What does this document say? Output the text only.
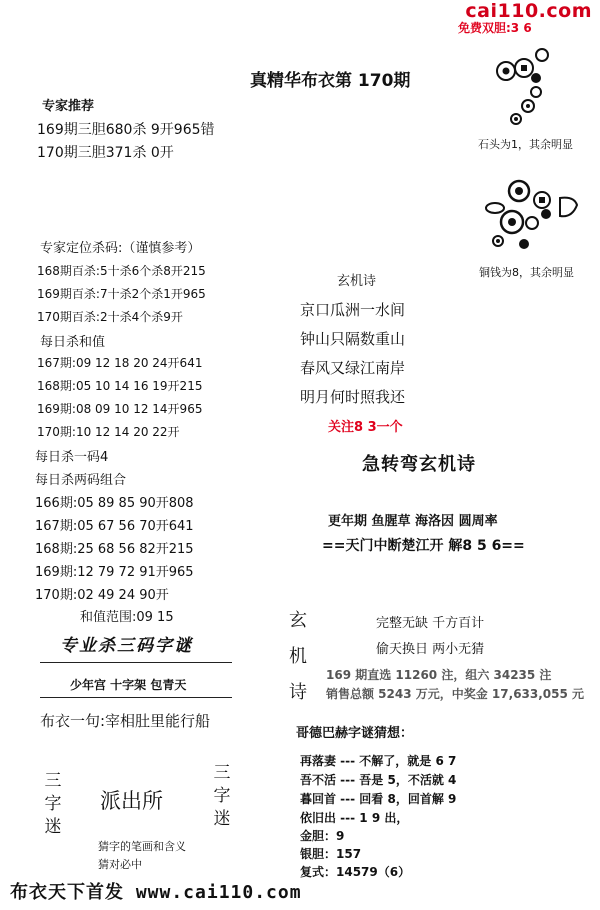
cai110.com
免费双胆:3 6
真精华布衣第 170期
石头为1，其余明显
铜钱为8，其余明显
专家推荐
169期三胆680杀 9开965错
170期三胆371杀 0开
专家定位杀码:（谨慎参考）
168期百杀:5十杀6个杀8开215
169期百杀:7十杀2个杀1开965
170期百杀:2十杀4个杀9开
每日杀和值
167期:09 12 18 20 24开641
168期:05 10 14 16 19开215
169期:08 09 10 12 14开965
170期:10 12 14 20 22开
每日杀一码4
每日杀两码组合
166期:05 89 85 90开808
167期:05 67 56 70开641
168期:25 68 56 82开215
169期:12 79 72 91开965
170期:02 49 24 90开
和值范围:09 15
专业杀三码字谜
少年宫 十字架 包青天
布衣一句:宰相肚里能行船
三字迷
派出所
三字迷
猜字的笔画和含义
猜对必中
玄机诗
京口瓜洲一水间
钟山只隔数重山
春风又绿江南岸
明月何时照我还
关注8 3一个
急转弯玄机诗
更年期 鱼腥草 海洛因 圆周率
==天门中断楚江开 解8 5 6==
玄机诗
完整无缺 千方百计
偷天换日 两小无猜
169 期直选 11260 注，组六 34235 注
销售总额 5243 万元，中奖金 17,633,055 元
哥德巴赫字谜猜想：
再落妻 --- 不解了，就是 6 7
吾不活 --- 吾是 5，不活就 4
暮回首 --- 回看 8，回首解 9
依旧出 --- 1 9 出，
金胆：9
银胆：157
复式：14579（6）
布衣天下首发 www.cai110.com
